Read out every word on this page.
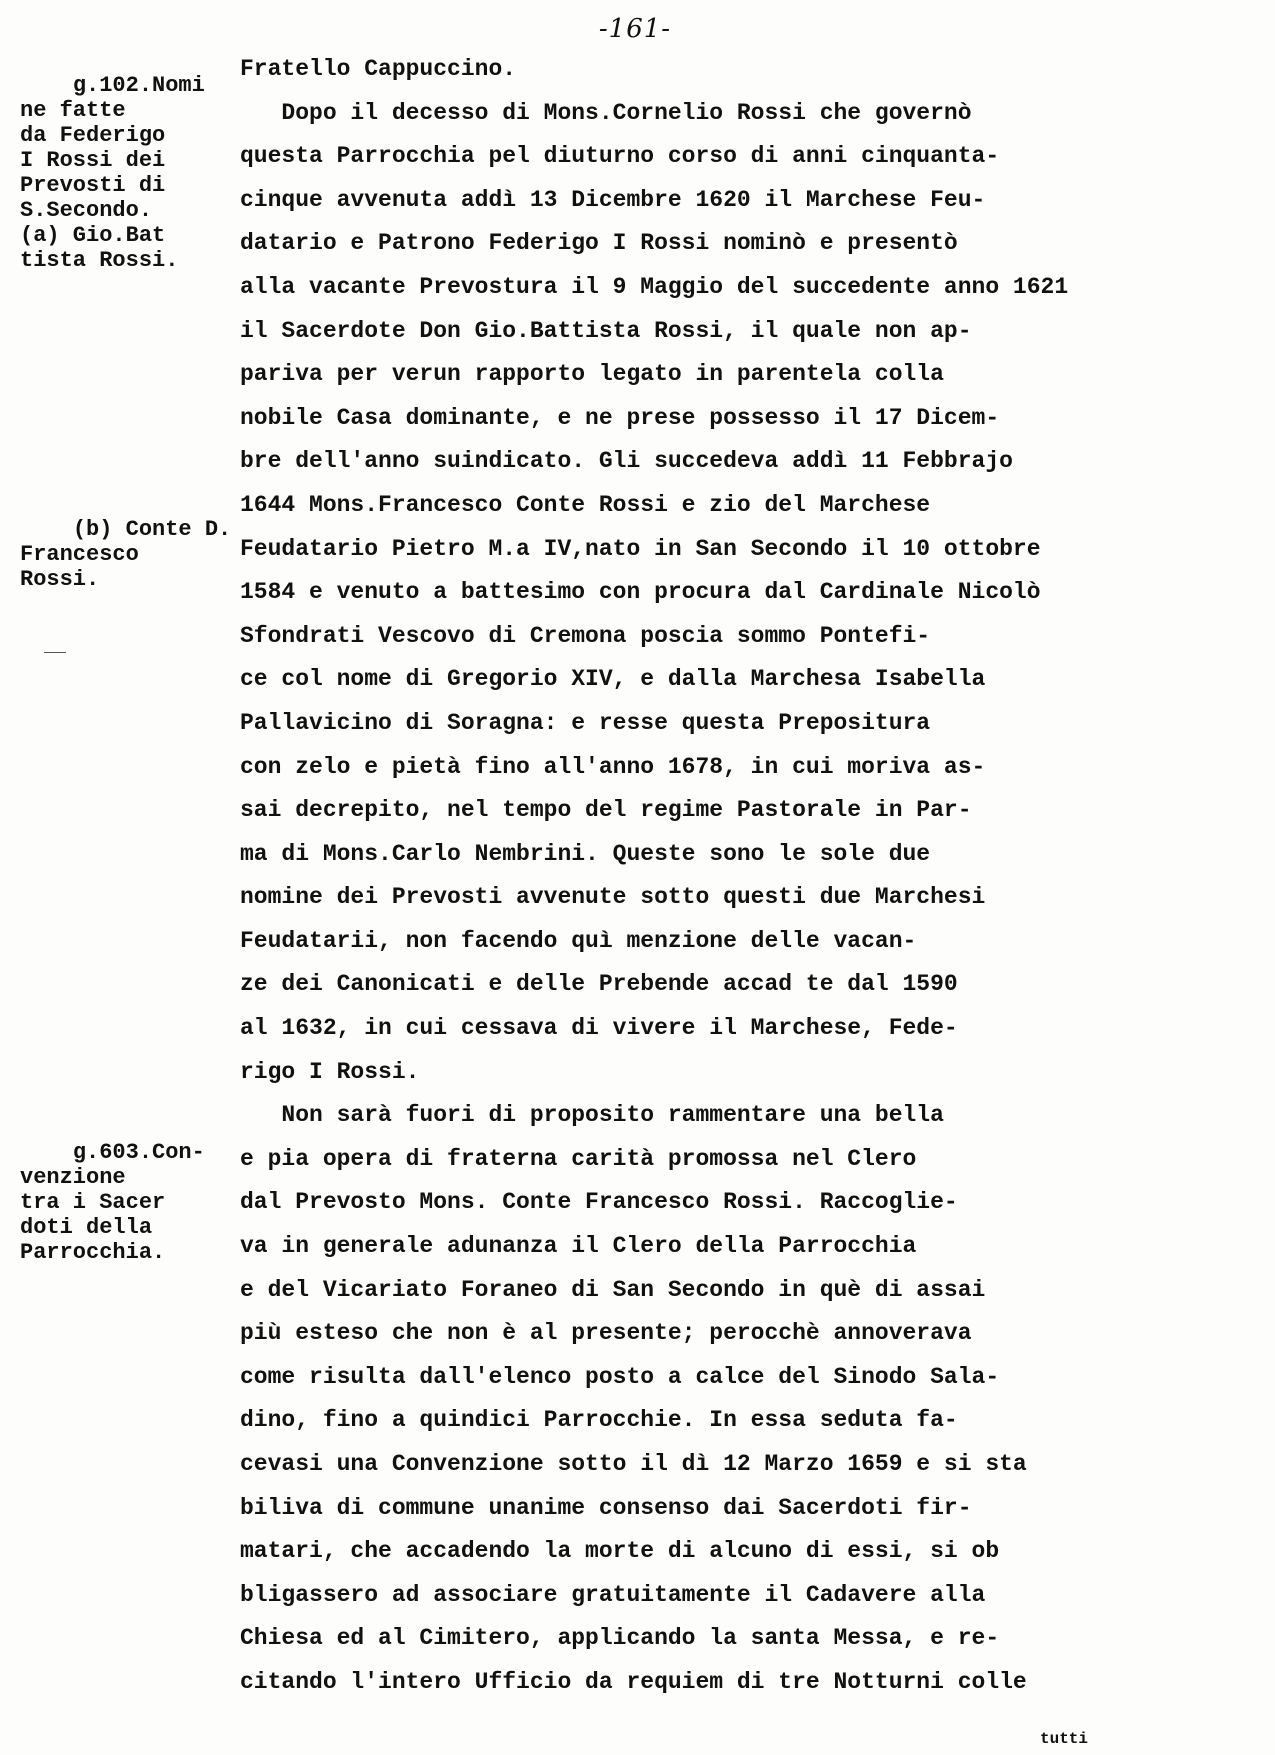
-161-

g.102.Nomi
ne fatte
da Federigo
I Rossi dei
Prevosti di
S.Secondo.
(a) Gio.Bat
tista Rossi.

(b) Conte D.
Francesco
Rossi.

g.603.Con-
venzione
tra i Sacer
doti della
Parrocchia.

Fratello Cappuccino.
Dopo il decesso di Mons.Cornelio Rossi che governò
questa Parrocchia pel diuturno corso di anni cinquanta-
cinque avvenuta addì 13 Dicembre 1620 il Marchese Feu-
datario e Patrono Federigo I Rossi nominò e presentò
alla vacante Prevostura il 9 Maggio del succedente anno 1621
il Sacerdote Don Gio.Battista Rossi, il quale non ap-
pariva per verun rapporto legato in parentela colla
nobile Casa dominante, e ne prese possesso il 17 Dicem-
bre dell'anno suindicato. Gli succedeva addì 11 Febbrajo
1644 Mons.Francesco Conte Rossi e zio del Marchese
Feudatario Pietro M.a IV,nato in San Secondo il 10 ottobre
1584 e venuto a battesimo con procura dal Cardinale Nicolò
Sfondrati Vescovo di Cremona poscia sommo Pontefi-
ce col nome di Gregorio XIV, e dalla Marchesa Isabella
Pallavicino di Soragna: e resse questa Prepositura
con zelo e pietà fino all'anno 1678, in cui moriva as-
sai decrepito, nel tempo del regime Pastorale in Par-
ma di Mons.Carlo Nembrini. Queste sono le sole due
nomine dei Prevosti avvenute sotto questi due Marchesi
Feudatarii, non facendo quì menzione delle vacan-
ze dei Canonicati e delle Prebende accad te dal 1590
al 1632, in cui cessava di vivere il Marchese, Fede-
rigo I Rossi.
Non sarà fuori di proposito rammentare una bella
e pia opera di fraterna carità promossa nel Clero
dal Prevosto Mons. Conte Francesco Rossi. Raccoglie-
va in generale adunanza il Clero della Parrocchia
e del Vicariato Foraneo di San Secondo in què di assai
più esteso che non è al presente; perocchè annoverava
come risulta dall'elenco posto a calce del Sinodo Sala-
dino, fino a quindici Parrocchie. In essa seduta fa-
cevasi una Convenzione sotto il dì 12 Marzo 1659 e si sta
biliva di commune unanime consenso dai Sacerdoti fir-
matari, che accadendo la morte di alcuno di essi, si ob
bligassero ad associare gratuitamente il Cadavere alla
Chiesa ed al Cimitero, applicando la santa Messa, e re-
citando l'intero Ufficio da requiem di tre Notturni colle
tutti
